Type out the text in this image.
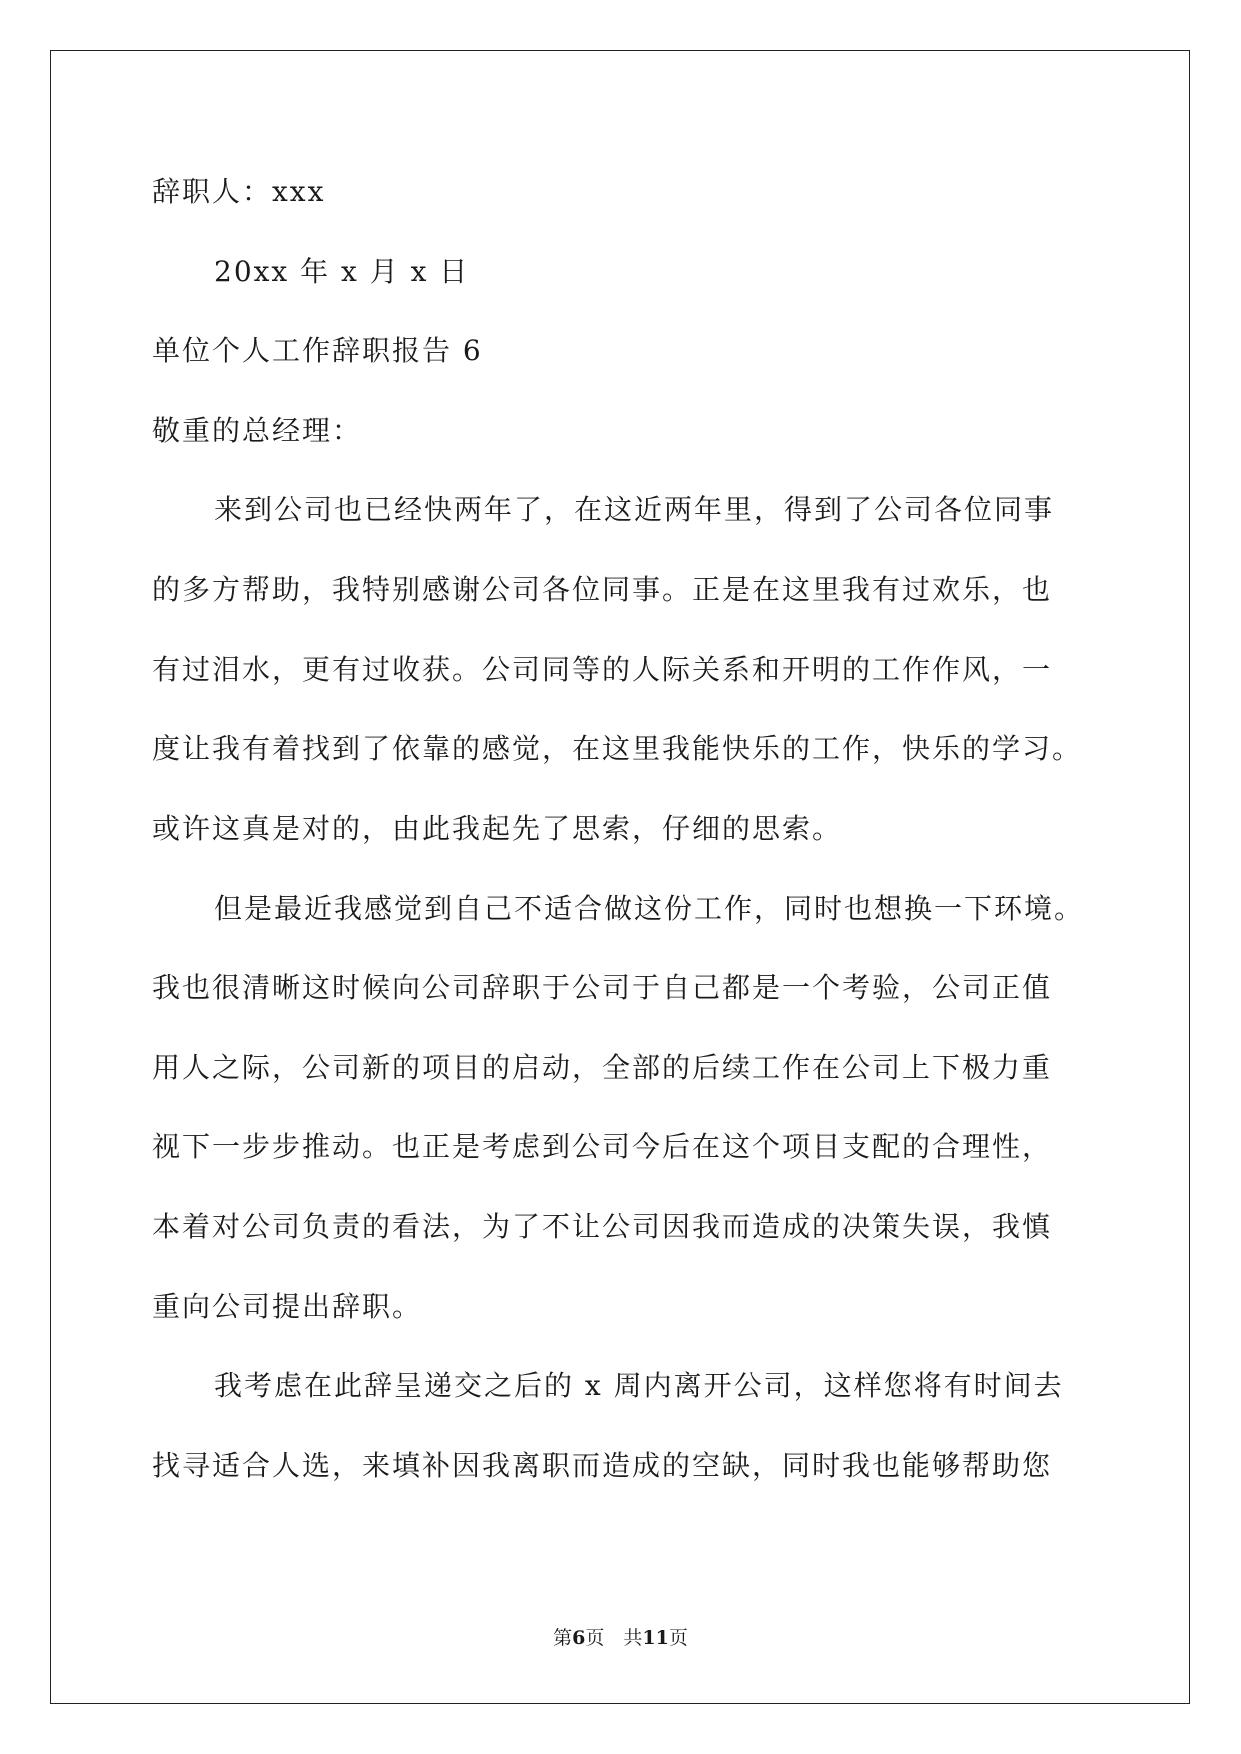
辞职人：xxx
20xx 年 x 月 x 日
单位个人工作辞职报告 6
敬重的总经理：
来到公司也已经快两年了，在这近两年里，得到了公司各位同事
的多方帮助，我特别感谢公司各位同事。正是在这里我有过欢乐，也
有过泪水，更有过收获。公司同等的人际关系和开明的工作作风，一
度让我有着找到了依靠的感觉，在这里我能快乐的工作，快乐的学习。
或许这真是对的，由此我起先了思索，仔细的思索。
但是最近我感觉到自己不适合做这份工作，同时也想换一下环境。
我也很清晰这时候向公司辞职于公司于自己都是一个考验，公司正值
用人之际，公司新的项目的启动，全部的后续工作在公司上下极力重
视下一步步推动。也正是考虑到公司今后在这个项目支配的合理性，
本着对公司负责的看法，为了不让公司因我而造成的决策失误，我慎
重向公司提出辞职。
我考虑在此辞呈递交之后的 x 周内离开公司，这样您将有时间去
找寻适合人选，来填补因我离职而造成的空缺，同时我也能够帮助您
第6页　共11页
